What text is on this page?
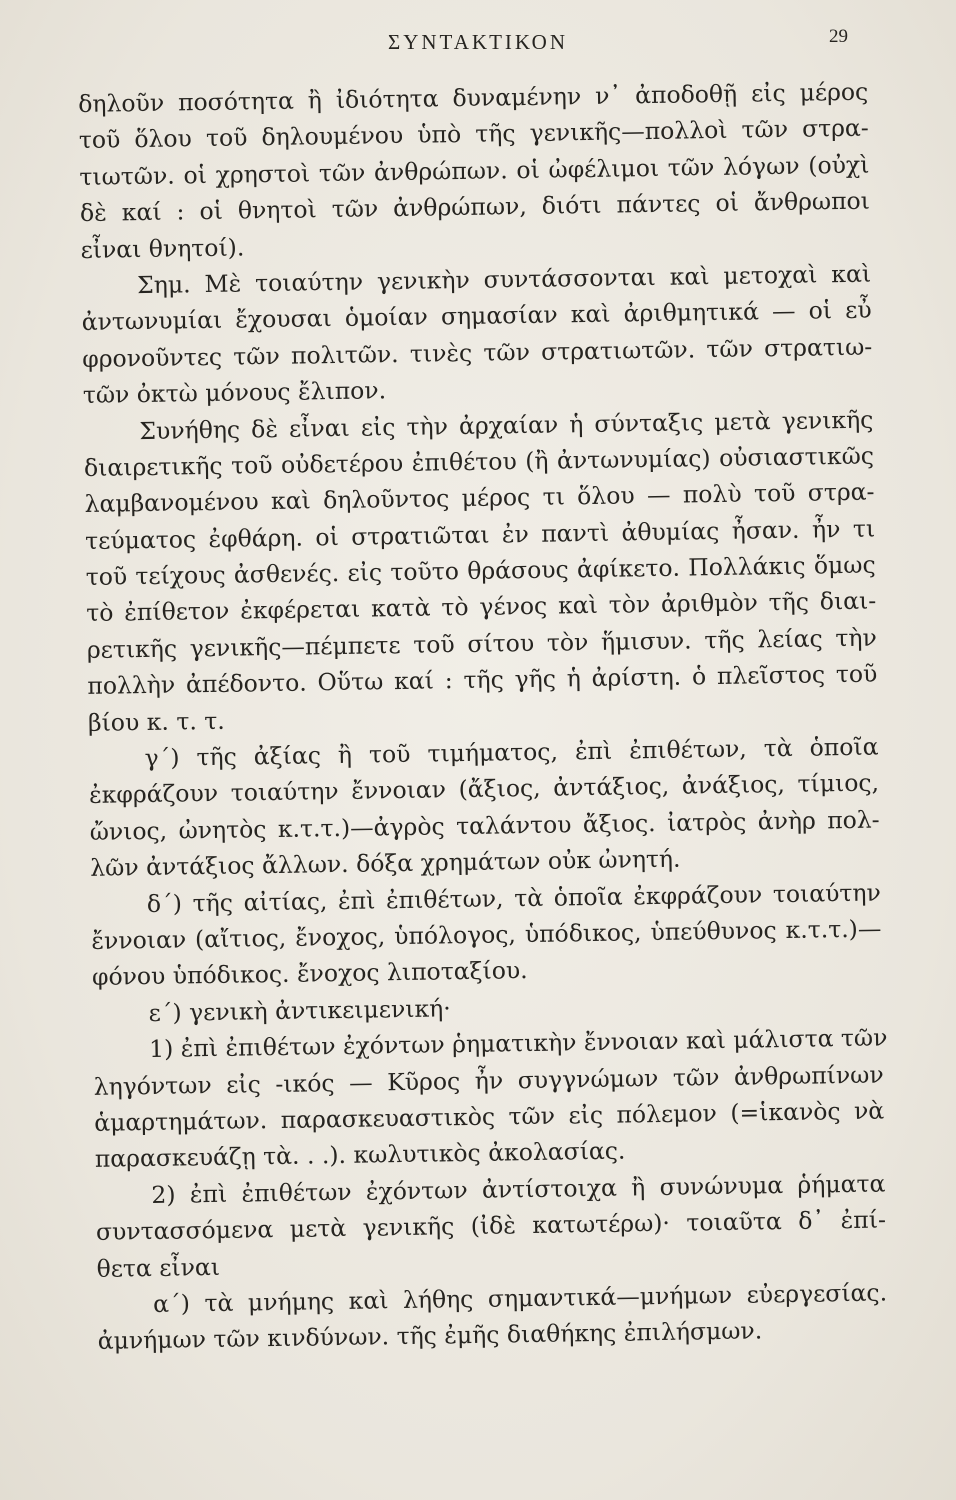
ΣΥΝΤΑΚΤΙΚΟΝ	29
δηλοῦν ποσότητα ἢ ἰδιότητα δυναμένην ν᾽ ἀποδοθῇ εἰς μέρος
τοῦ ὅλου τοῦ δηλουμένου ὑπὸ τῆς γενικῆς—πολλοὶ τῶν στρα-
τιωτῶν. οἱ χρηστοὶ τῶν ἀνθρώπων. οἱ ὠφέλιμοι τῶν λόγων (οὐχὶ
δὲ καί : οἱ θνητοὶ τῶν ἀνθρώπων, διότι πάντες οἱ ἄνθρωποι
εἶναι θνητοί).
Σημ. Μὲ τοιαύτην γενικὴν συντάσσονται καὶ μετοχαὶ καὶ
ἀντωνυμίαι ἔχουσαι ὁμοίαν σημασίαν καὶ ἀριθμητικά — οἱ εὖ
φρονοῦντες τῶν πολιτῶν. τινὲς τῶν στρατιωτῶν. τῶν στρατιω-
τῶν ὀκτὼ μόνους ἔλιπον.
Συνήθης δὲ εἶναι εἰς τὴν ἀρχαίαν ἡ σύνταξις μετὰ γενικῆς
διαιρετικῆς τοῦ οὐδετέρου ἐπιθέτου (ἢ ἀντωνυμίας) οὐσιαστικῶς
λαμβανομένου καὶ δηλοῦντος μέρος τι ὅλου — πολὺ τοῦ στρα-
τεύματος ἐφθάρη. οἱ στρατιῶται ἐν παντὶ ἀθυμίας ἦσαν. ἦν τι
τοῦ τείχους ἀσθενές. εἰς τοῦτο θράσους ἀφίκετο. Πολλάκις ὅμως
τὸ ἐπίθετον ἐκφέρεται κατὰ τὸ γένος καὶ τὸν ἀριθμὸν τῆς διαι-
ρετικῆς γενικῆς—πέμπετε τοῦ σίτου τὸν ἥμισυν. τῆς λείας τὴν
πολλὴν ἀπέδοντο. Οὕτω καί : τῆς γῆς ἡ ἀρίστη. ὁ πλεῖστος τοῦ
βίου κ. τ. τ.
γ΄) τῆς ἀξίας ἢ τοῦ τιμήματος, ἐπὶ ἐπιθέτων, τὰ ὁποῖα
ἐκφράζουν τοιαύτην ἔννοιαν (ἄξιος, ἀντάξιος, ἀνάξιος, τίμιος,
ὤνιος, ὠνητὸς κ.τ.τ.)—ἀγρὸς ταλάντου ἄξιος. ἰατρὸς ἀνὴρ πολ-
λῶν ἀντάξιος ἄλλων. δόξα χρημάτων οὐκ ὠνητή.
δ΄) τῆς αἰτίας, ἐπὶ ἐπιθέτων, τὰ ὁποῖα ἐκφράζουν τοιαύτην
ἔννοιαν (αἴτιος, ἔνοχος, ὑπόλογος, ὑπόδικος, ὑπεύθυνος κ.τ.τ.)—
φόνου ὑπόδικος. ἔνοχος λιποταξίου.
ε΄) γενικὴ ἀντικειμενική·
1) ἐπὶ ἐπιθέτων ἐχόντων ῥηματικὴν ἔννοιαν καὶ μάλιστα τῶν
ληγόντων εἰς -ικός — Κῦρος ἦν συγγνώμων τῶν ἀνθρωπίνων
ἁμαρτημάτων. παρασκευαστικὸς τῶν εἰς πόλεμον (=ἱκανὸς νὰ
παρασκευάζῃ τὰ. . .). κωλυτικὸς ἀκολασίας.
2) ἐπὶ ἐπιθέτων ἐχόντων ἀντίστοιχα ἢ συνώνυμα ῥήματα
συντασσόμενα μετὰ γενικῆς (ἰδὲ κατωτέρω)· τοιαῦτα δ᾽ ἐπί-
θετα εἶναι
α΄) τὰ μνήμης καὶ λήθης σημαντικά—μνήμων εὐεργεσίας.
ἀμνήμων τῶν κινδύνων. τῆς ἐμῆς διαθήκης ἐπιλήσμων.
